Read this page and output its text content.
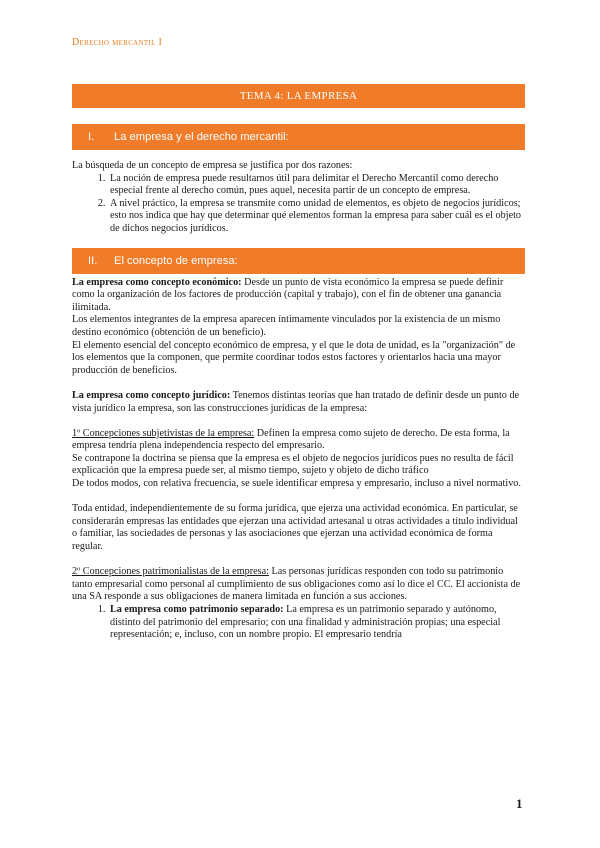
Derecho mercantil I
TEMA 4: LA EMPRESA
I. La empresa y el derecho mercantil:

La búsqueda de un concepto de empresa se justifica por dos razones:

1. La noción de empresa puede resultarnos útil para delimitar el Derecho Mercantil como derecho especial frente al derecho común, pues aquel, necesita partir de un concepto de empresa.
2. A nivel práctico, la empresa se transmite como unidad de elementos, es objeto de negocios jurídicos; esto nos indica que hay que determinar qué elementos forman la empresa para saber cuál es el objeto de dichos negocios jurídicos.
II. El concepto de empresa:

La empresa como concepto económico: Desde un punto de vista económico la empresa se puede definir como la organización de los factores de producción (capital y trabajo), con el fin de obtener una ganancia ilimitada.

Los elementos integrantes de la empresa aparecen íntimamente vinculados por la existencia de un mismo destino económico (obtención de un beneficio).

El elemento esencial del concepto económico de empresa, y el que le dota de unidad, es la "organización" de los elementos que la componen, que permite coordinar todos estos factores y orientarlos hacia una mayor producción de beneficios.

La empresa como concepto jurídico: Tenemos distintas teorías que han tratado de definir desde un punto de vista jurídico la empresa, son las construcciones jurídicas de la empresa:

1º Concepciones subjetivistas de la empresa: Definen la empresa como sujeto de derecho. De esta forma, la empresa tendría plena independencia respecto del empresario.

Se contrapone la doctrina se piensa que la empresa es el objeto de negocios jurídicos pues no resulta de fácil explicación que la empresa puede ser, al mismo tiempo, sujeto y objeto de dicho tráfico

De todos modos, con relativa frecuencia, se suele identificar empresa y empresario, incluso a nivel normativo.

Toda entidad, independientemente de su forma jurídica, que ejerza una actividad económica. En particular, se considerarán empresas las entidades que ejerzan una actividad artesanal u otras actividades a título individual o familiar, las sociedades de personas y las asociaciones que ejerzan una actividad económica de forma regular.

2º Concepciones patrimonialistas de la empresa: Las personas jurídicas responden con todo su patrimonio tanto empresarial como personal al cumplimiento de sus obligaciones como así lo dice el CC. El accionista de una SA responde a sus obligaciones de manera limitada en función a sus acciones.

1. La empresa como patrimonio separado: La empresa es un patrimonio separado y autónomo, distinto del patrimonio del empresario; con una finalidad y administración propias; una especial representación; e, incluso, con un nombre propio. El empresario tendría
1
